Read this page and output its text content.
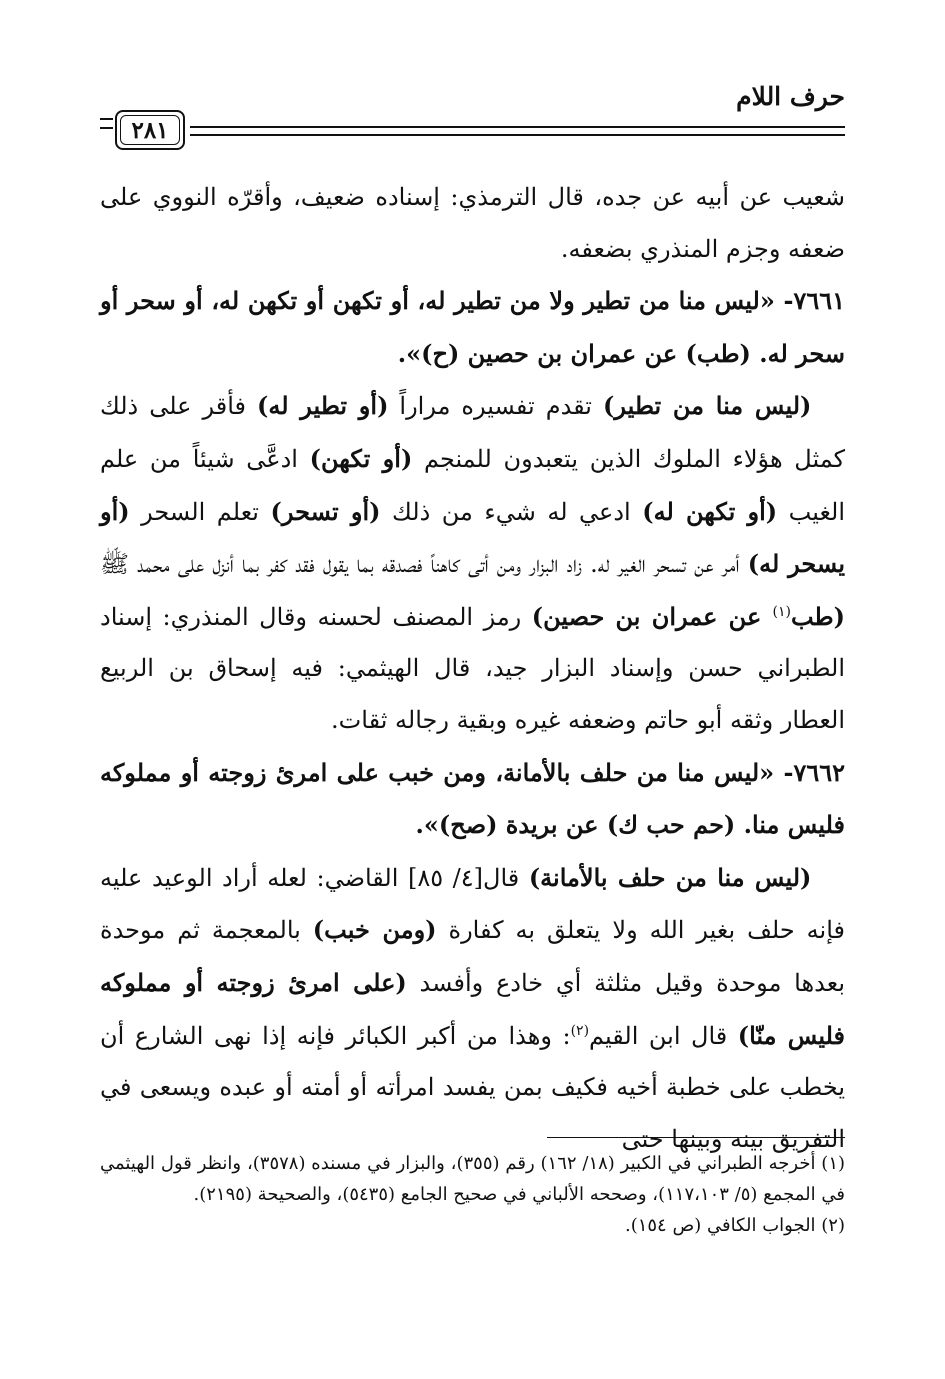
حرف اللام
٢٨١

شعيب عن أبيه عن جده، قال الترمذي: إسناده ضعيف، وأقرّه النووي على ضعفه وجزم المنذري بضعفه.

٧٦٦١- «ليس منا من تطير ولا من تطير له، أو تكهن أو تكهن له، أو سحر أو سحر له. (طب) عن عمران بن حصين (ح)».

(ليس منا من تطير) تقدم تفسيره مراراً (أو تطير له) فأقر على ذلك كمثل هؤلاء الملوك الذين يتعبدون للمنجم (أو تكهن) ادعَّى شيئاً من علم الغيب (أو تكهن له) ادعي له شيء من ذلك (أو تسحر) تعلم السحر (أو يسحر له) أمر عن تسحر الغير له. زاد البزار ومن أتى كاهناً فصدقه بما يقول فقد كفر بما أنزل على محمد ﷺ (طب$^{(١)}$ عن عمران بن حصين) رمز المصنف لحسنه وقال المنذري: إسناد الطبراني حسن وإسناد البزار جيد، قال الهيثمي: فيه إسحاق بن الربيع العطار وثقه أبو حاتم وضعفه غيره وبقية رجاله ثقات.

٧٦٦٢- «ليس منا من حلف بالأمانة، ومن خبب على امرئ زوجته أو مملوكه فليس منا. (حم حب ك) عن بريدة (صح)».

(ليس منا من حلف بالأمانة) قال[٤/ ٨٥] القاضي: لعله أراد الوعيد عليه فإنه حلف بغير الله ولا يتعلق به كفارة (ومن خبب) بالمعجمة ثم موحدة بعدها موحدة وقيل مثلثة أي خادع وأفسد (على امرئ زوجته أو مملوكه فليس منّا) قال ابن القيم$^{(٢)}$: وهذا من أكبر الكبائر فإنه إذا نهى الشارع أن يخطب على خطبة أخيه فكيف بمن يفسد امرأته أو أمته أو عبده ويسعى في التفريق بينه وبينها حتى

(١) أخرجه الطبراني في الكبير (١٨/ ١٦٢) رقم (٣٥٥)، والبزار في مسنده (٣٥٧٨)، وانظر قول الهيثمي في المجمع (٥/ ١١٧،١٠٣)، وصححه الألباني في صحيح الجامع (٥٤٣٥)، والصحيحة (٢١٩٥).

(٢) الجواب الكافي (ص ١٥٤).
